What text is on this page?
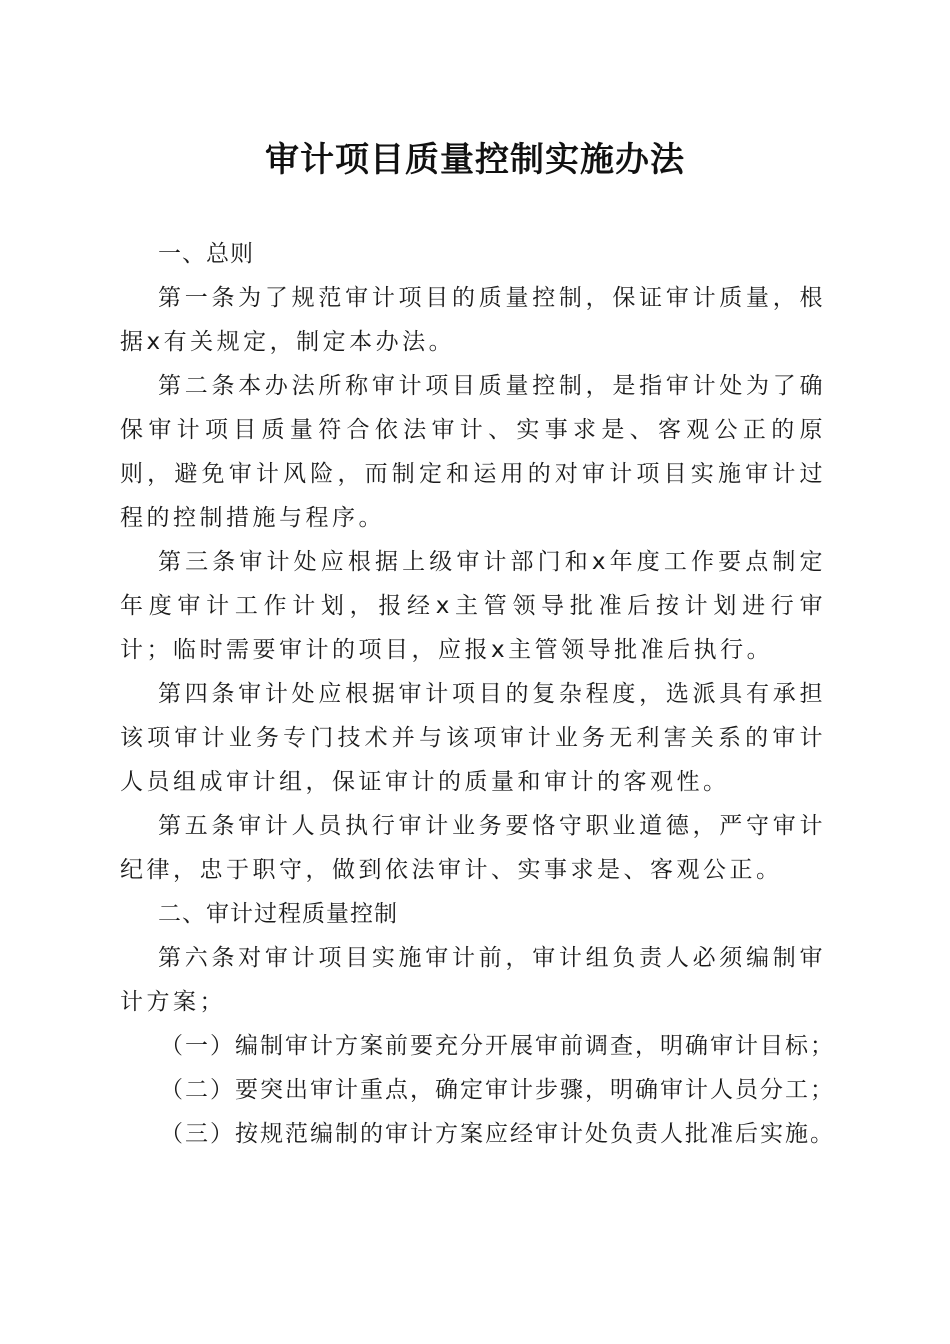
审计项目质量控制实施办法
一、总则

第一条为了规范审计项目的质量控制，保证审计质量，根据x有关规定，制定本办法。

第二条本办法所称审计项目质量控制，是指审计处为了确保审计项目质量符合依法审计、实事求是、客观公正的原则，避免审计风险，而制定和运用的对审计项目实施审计过程的控制措施与程序。

第三条审计处应根据上级审计部门和x年度工作要点制定年度审计工作计划，报经x主管领导批准后按计划进行审计；临时需要审计的项目，应报x主管领导批准后执行。

第四条审计处应根据审计项目的复杂程度，选派具有承担该项审计业务专门技术并与该项审计业务无利害关系的审计人员组成审计组，保证审计的质量和审计的客观性。

第五条审计人员执行审计业务要恪守职业道德，严守审计纪律，忠于职守，做到依法审计、实事求是、客观公正。

二、审计过程质量控制

第六条对审计项目实施审计前，审计组负责人必须编制审计方案；

（一）编制审计方案前要充分开展审前调查，明确审计目标；

（二）要突出审计重点，确定审计步骤，明确审计人员分工；

（三）按规范编制的审计方案应经审计处负责人批准后实施。
